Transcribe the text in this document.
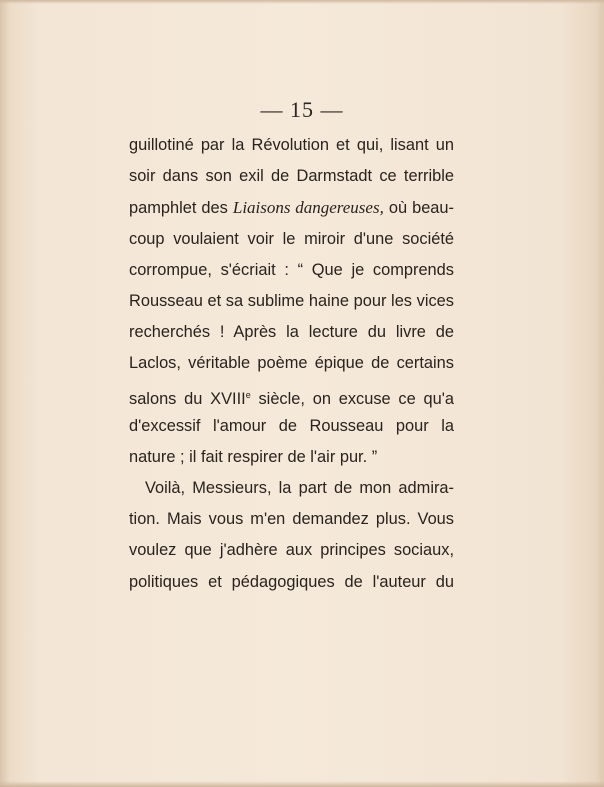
— 15 —
guillotiné par la Révolution et qui, lisant un
soir dans son exil de Darmstadt ce terrible
pamphlet des Liaisons dangereuses, où beau-
coup voulaient voir le miroir d'une société
corrompue, s'écriait : “ Que je comprends
Rousseau et sa sublime haine pour les vices
recherchés ! Après la lecture du livre de
Laclos, véritable poème épique de certains
salons du XVIIIe siècle, on excuse ce qu'a
d'excessif l'amour de Rousseau pour la
nature ; il fait respirer de l'air pur. ”
Voilà, Messieurs, la part de mon admira-
tion. Mais vous m'en demandez plus. Vous
voulez que j'adhère aux principes sociaux,
politiques et pédagogiques de l'auteur du
